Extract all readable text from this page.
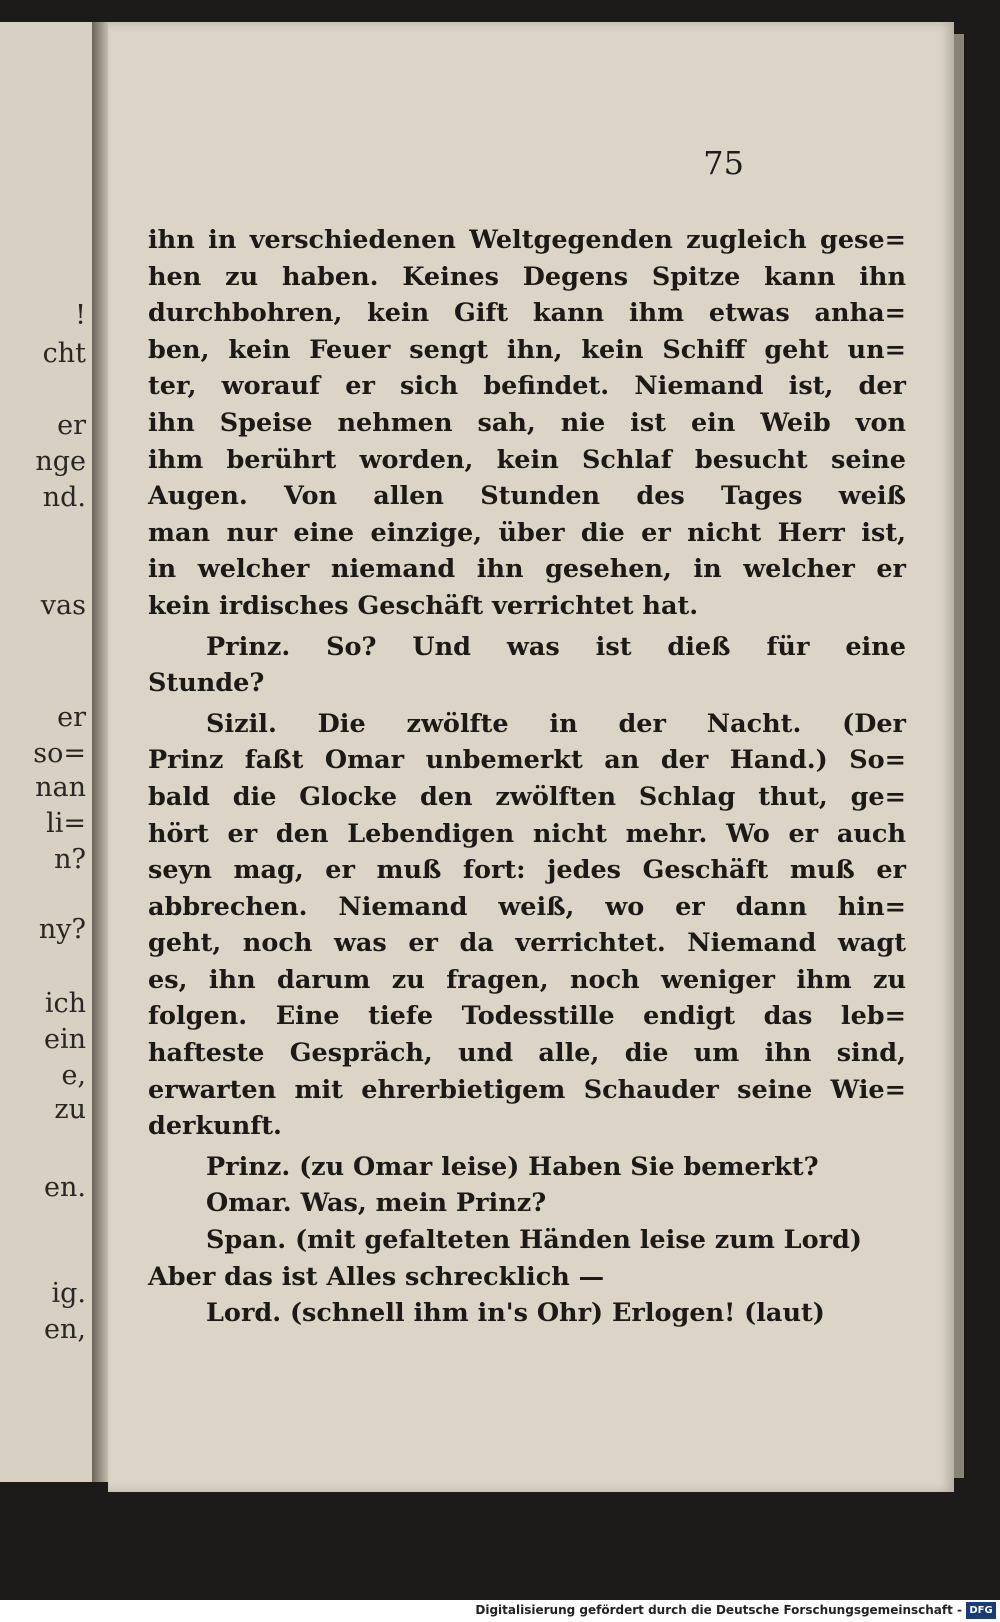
!
cht
er
nge
nd.
vas
er
so=
nan
li=
n?
ny?
ich
ein
e,
zu
en.
ig.
en,
75
ihn in verschiedenen Weltgegenden zugleich gese=
hen zu haben. Keines Degens Spitze kann ihn
durchbohren, kein Gift kann ihm etwas anha=
ben, kein Feuer sengt ihn, kein Schiff geht un=
ter, worauf er sich befindet. Niemand ist, der
ihn Speise nehmen sah, nie ist ein Weib von
ihm berührt worden, kein Schlaf besucht seine
Augen. Von allen Stunden des Tages weiß
man nur eine einzige, über die er nicht Herr ist,
in welcher niemand ihn gesehen, in welcher er
kein irdisches Geschäft verrichtet hat.
Prinz. So? Und was ist dieß für eine
Stunde?
Sizil. Die zwölfte in der Nacht. (Der
Prinz faßt Omar unbemerkt an der Hand.) So=
bald die Glocke den zwölften Schlag thut, ge=
hört er den Lebendigen nicht mehr. Wo er auch
seyn mag, er muß fort: jedes Geschäft muß er
abbrechen. Niemand weiß, wo er dann hin=
geht, noch was er da verrichtet. Niemand wagt
es, ihn darum zu fragen, noch weniger ihm zu
folgen. Eine tiefe Todesstille endigt das leb=
hafteste Gespräch, und alle, die um ihn sind,
erwarten mit ehrerbietigem Schauder seine Wie=
derkunft.
Prinz. (zu Omar leise) Haben Sie bemerkt?
Omar. Was, mein Prinz?
Span. (mit gefalteten Händen leise zum Lord)
Aber das ist Alles schrecklich —
Lord. (schnell ihm in's Ohr) Erlogen! (laut)
Digitalisierung gefördert durch die Deutsche Forschungsgemeinschaft - DFG
